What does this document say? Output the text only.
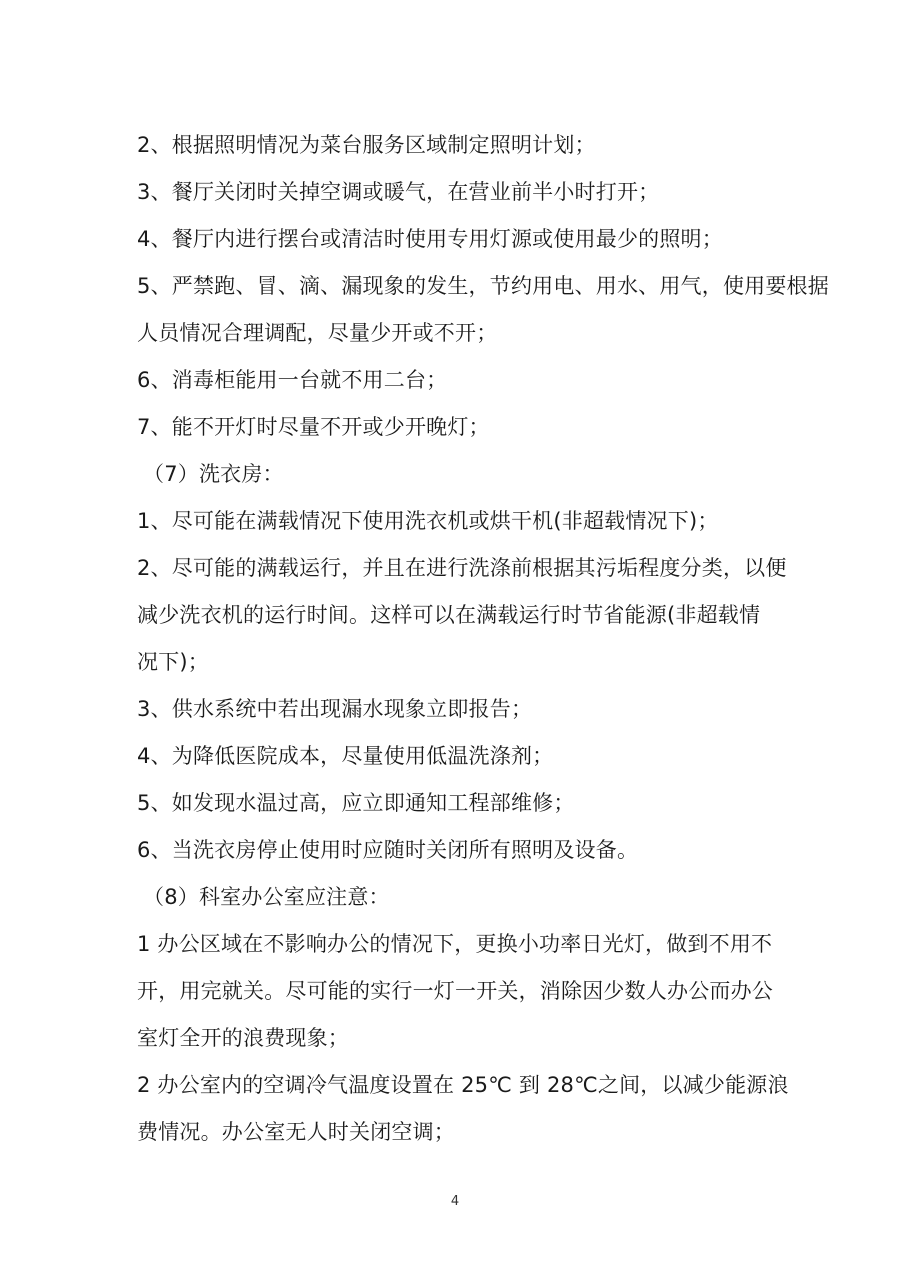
2、根据照明情况为菜台服务区域制定照明计划；
3、餐厅关闭时关掉空调或暖气，在营业前半小时打开；
4、餐厅内进行摆台或清洁时使用专用灯源或使用最少的照明；
5、严禁跑、冒、滴、漏现象的发生，节约用电、用水、用气，使用要根据
人员情况合理调配，尽量少开或不开；
6、消毒柜能用一台就不用二台；
7、能不开灯时尽量不开或少开晚灯；
（7）洗衣房：
1、尽可能在满载情况下使用洗衣机或烘干机(非超载情况下)；
2、尽可能的满载运行，并且在进行洗涤前根据其污垢程度分类，以便
减少洗衣机的运行时间。这样可以在满载运行时节省能源(非超载情
况下)；
3、供水系统中若出现漏水现象立即报告；
4、为降低医院成本，尽量使用低温洗涤剂；
5、如发现水温过高，应立即通知工程部维修；
6、当洗衣房停止使用时应随时关闭所有照明及设备。
（8）科室办公室应注意：
1 办公区域在不影响办公的情况下，更换小功率日光灯，做到不用不
开，用完就关。尽可能的实行一灯一开关，消除因少数人办公而办公
室灯全开的浪费现象；
2 办公室内的空调冷气温度设置在 25℃ 到 28℃之间，以减少能源浪
费情况。办公室无人时关闭空调；
4
